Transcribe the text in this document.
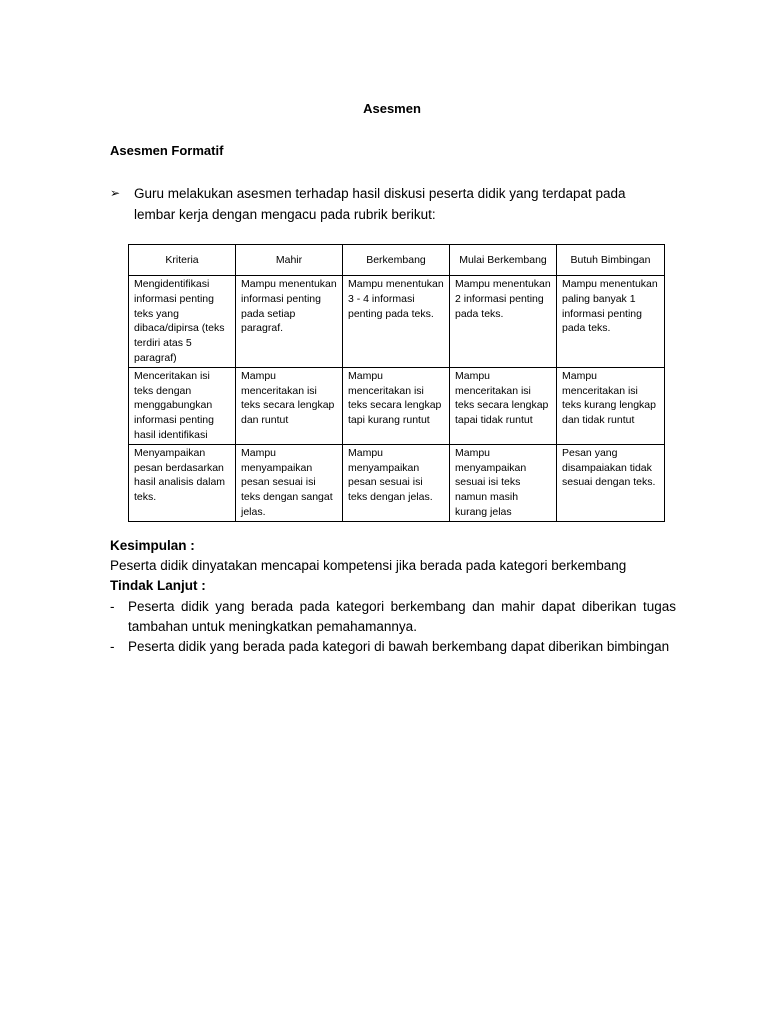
Asesmen
Asesmen Formatif
➢	Guru melakukan asesmen terhadap hasil diskusi peserta didik yang terdapat pada lembar kerja dengan mengacu pada rubrik berikut:
Kriteria	Mahir	Berkembang	Mulai Berkembang	Butuh Bimbingan
Mengidentifikasi informasi penting teks yang dibaca/dipirsa (teks terdiri atas 5 paragraf)	Mampu menentukan informasi penting pada setiap paragraf.	Mampu menentukan 3 - 4 informasi penting pada teks.	Mampu menentukan 2 informasi penting pada teks.	Mampu menentukan paling banyak 1 informasi penting pada teks.
Menceritakan isi teks dengan menggabungkan informasi penting hasil identifikasi	Mampu menceritakan isi teks secara lengkap dan runtut	Mampu menceritakan isi teks secara lengkap tapi kurang runtut	Mampu menceritakan isi teks secara lengkap tapai tidak runtut	Mampu menceritakan isi teks kurang lengkap dan tidak runtut
Menyampaikan pesan berdasarkan hasil analisis dalam teks.	Mampu menyampaikan pesan sesuai isi teks dengan sangat jelas.	Mampu menyampaikan pesan sesuai isi teks dengan jelas.	Mampu menyampaikan sesuai isi teks namun masih kurang jelas	Pesan yang disampaiakan tidak sesuai dengan teks.
Kesimpulan :
Peserta didik dinyatakan mencapai kompetensi jika berada pada kategori berkembang
Tindak Lanjut :
- Peserta didik yang berada pada kategori berkembang dan mahir dapat diberikan tugas tambahan untuk meningkatkan pemahamannya.
- Peserta didik yang berada pada kategori di bawah berkembang dapat diberikan bimbingan
